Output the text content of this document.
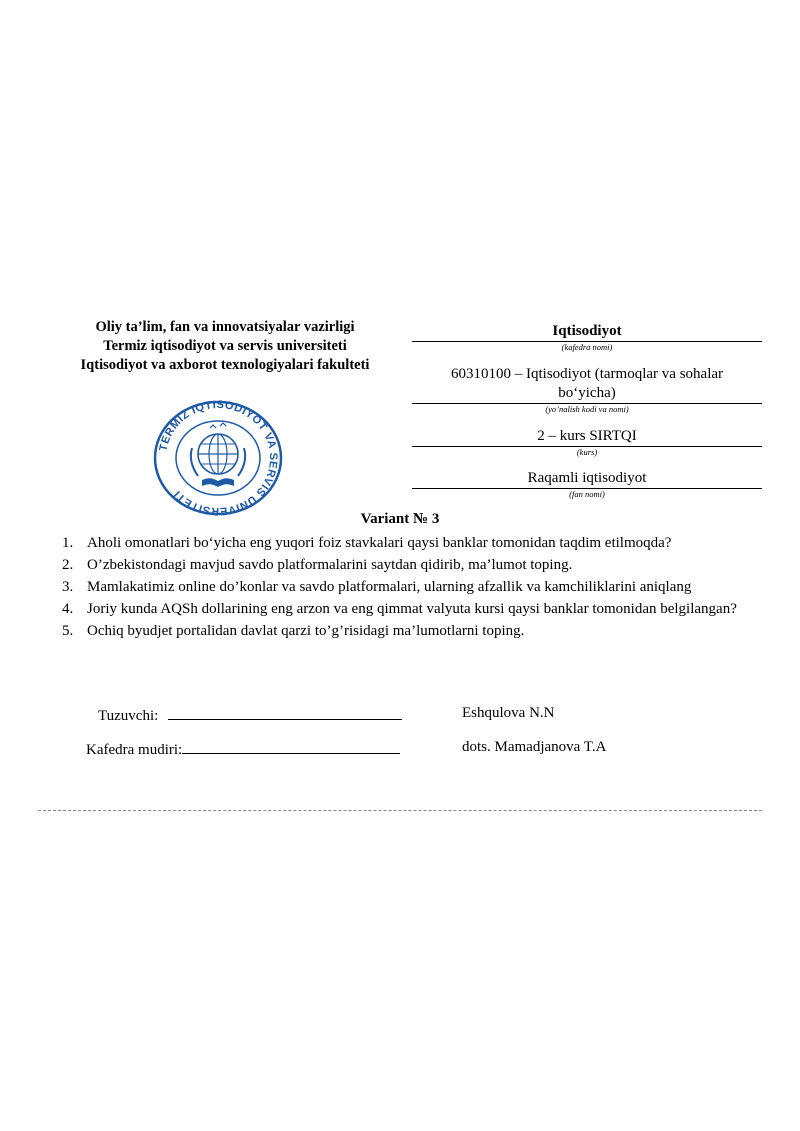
Oliy ta’lim, fan va innovatsiyalar vazirligi
Termiz iqtisodiyot va servis universiteti
Iqtisodiyot va axborot texnologiyalari fakulteti
TERMIZ IQTISODIYOT VA SERVIS UNIVERSITETI
Iqtisodiyot
(kafedra nomi)
60310100 – Iqtisodiyot (tarmoqlar va sohalar
bo‘yicha)
(yo’nalish kodi va nomi)
2 – kurs SIRTQI
(kurs)
Raqamli iqtisodiyot
(fan nomi)
Variant № 3
1. Aholi omonatlari bo‘yicha eng yuqori foiz stavkalari qaysi banklar tomonidan taqdim etilmoqda?
2. O’zbekistondagi mavjud savdo platformalarini saytdan qidirib, ma’lumot toping.
3. Mamlakatimiz online do’konlar va savdo platformalari, ularning afzallik va kamchiliklarini aniqlang
4. Joriy kunda AQSh dollarining eng arzon va eng qimmat valyuta kursi qaysi banklar tomonidan belgilangan?
5. Ochiq byudjet portalidan davlat qarzi to’g’risidagi ma’lumotlarni toping.
Tuzuvchi:	Eshqulova N.N
Kafedra mudiri:	dots. Mamadjanova T.A
